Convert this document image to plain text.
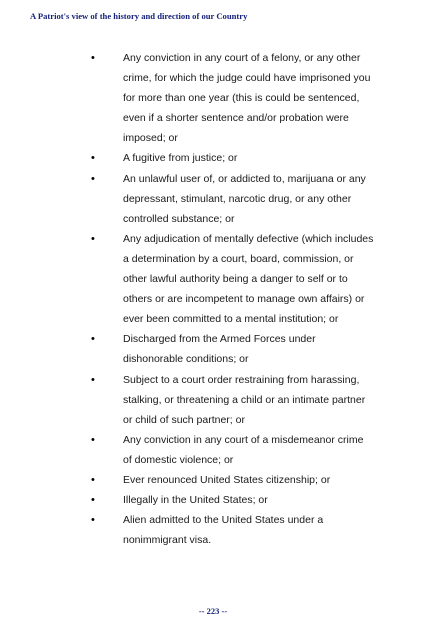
A Patriot's view of the history and direction of our Country
•	Any conviction in any court of a felony, or any other crime, for which the judge could have imprisoned you for more than one year (this is could be sentenced, even if a shorter sentence and/or probation were imposed; or
•	A fugitive from justice; or
•	An unlawful user of, or addicted to, marijuana or any depressant, stimulant, narcotic drug, or any other controlled substance; or
•	Any adjudication of mentally defective (which includes a determination by a court, board, commission, or other lawful authority being a danger to self or to others or are incompetent to manage own affairs) or ever been committed to a mental institution; or
•	Discharged from the Armed Forces under dishonorable conditions; or
•	Subject to a court order restraining from harassing, stalking, or threatening a child or an intimate partner or child of such partner; or
•	Any conviction in any court of a misdemeanor crime of domestic violence; or
•	Ever renounced United States citizenship; or
•	Illegally in the United States; or
•	Alien admitted to the United States under a nonimmigrant visa.
-- 223 --
